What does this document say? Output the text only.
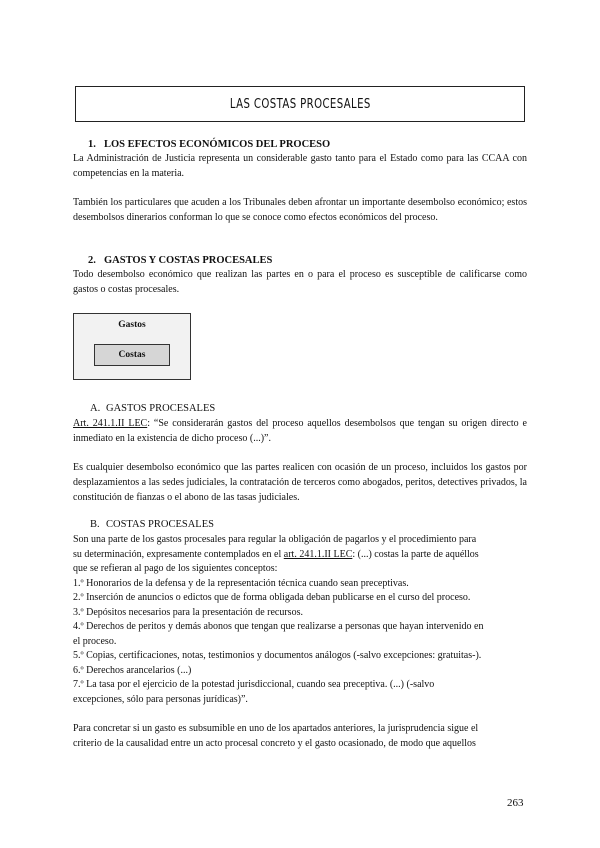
LAS COSTAS PROCESALES
1. LOS EFECTOS ECONÓMICOS DEL PROCESO
La Administración de Justicia representa un considerable gasto tanto para el Estado como para las CCAA con competencias en la materia.
También los particulares que acuden a los Tribunales deben afrontar un importante desembolso económico; estos desembolsos dinerarios conforman lo que se conoce como efectos económicos del proceso.
2. GASTOS Y COSTAS PROCESALES
Todo desembolso económico que realizan las partes en o para el proceso es susceptible de calificarse como gastos o costas procesales.
Gastos
Costas
A. GASTOS PROCESALES
Art. 241.1.II LEC: “Se considerarán gastos del proceso aquellos desembolsos que tengan su origen directo e inmediato en la existencia de dicho proceso (...)”.
Es cualquier desembolso económico que las partes realicen con ocasión de un proceso, incluidos los gastos por desplazamientos a las sedes judiciales, la contratación de terceros como abogados, peritos, detectives privados, la constitución de fianzas o el abono de las tasas judiciales.
B. COSTAS PROCESALES
Son una parte de los gastos procesales para regular la obligación de pagarlos y el procedimiento para
su determinación, expresamente contemplados en el art. 241.1.II LEC: (...) costas la parte de aquéllos
que se refieran al pago de los siguientes conceptos:
1.º Honorarios de la defensa y de la representación técnica cuando sean preceptivas.
2.º Inserción de anuncios o edictos que de forma obligada deban publicarse en el curso del proceso.
3.º Depósitos necesarios para la presentación de recursos.
4.º Derechos de peritos y demás abonos que tengan que realizarse a personas que hayan intervenido en
el proceso.
5.º Copias, certificaciones, notas, testimonios y documentos análogos (-salvo excepciones: gratuitas-).
6.º Derechos arancelarios (...)
7.º La tasa por el ejercicio de la potestad jurisdiccional, cuando sea preceptiva. (...) (-salvo
excepciones, sólo para personas jurídicas)”.
Para concretar si un gasto es subsumible en uno de los apartados anteriores, la jurisprudencia sigue el
criterio de la causalidad entre un acto procesal concreto y el gasto ocasionado, de modo que aquellos
263
